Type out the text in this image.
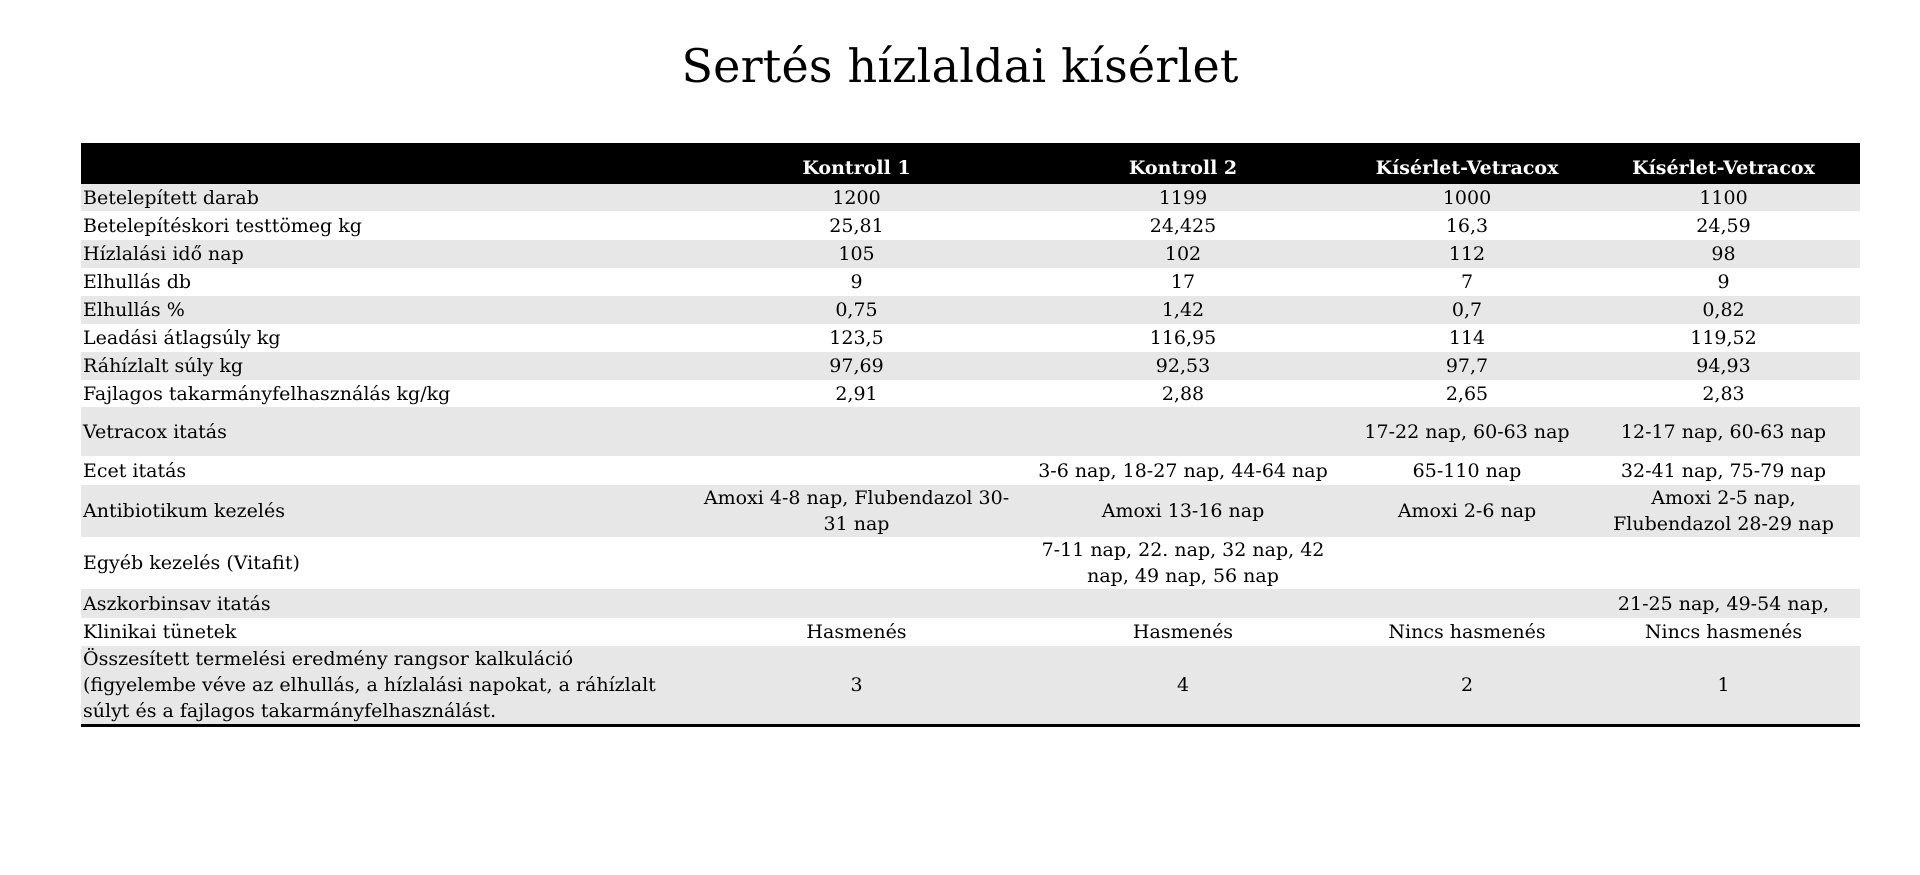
Sertés hízlaldai kísérlet
	Kontroll 1	Kontroll 2	Kísérlet-Vetracox	Kísérlet-Vetracox
Betelepített darab	1200	1199	1000	1100
Betelepítéskori testtömeg kg	25,81	24,425	16,3	24,59
Hízlalási idő nap	105	102	112	98
Elhullás db	9	17	7	9
Elhullás %	0,75	1,42	0,7	0,82
Leadási átlagsúly kg	123,5	116,95	114	119,52
Ráhízlalt súly kg	97,69	92,53	97,7	94,93
Fajlagos takarmányfelhasználás kg/kg	2,91	2,88	2,65	2,83
Vetracox itatás			17-22 nap, 60-63 nap	12-17 nap, 60-63 nap
Ecet itatás		3-6 nap, 18-27 nap, 44-64 nap	65-110 nap	32-41 nap, 75-79 nap
Antibiotikum kezelés	Amoxi 4-8 nap, Flubendazol 30-31 nap	Amoxi 13-16 nap	Amoxi 2-6 nap	Amoxi 2-5 nap, Flubendazol 28-29 nap
Egyéb kezelés (Vitafit)		7-11 nap, 22. nap, 32 nap, 42 nap, 49 nap, 56 nap		
Aszkorbinsav itatás				21-25 nap, 49-54 nap,
Klinikai tünetek	Hasmenés	Hasmenés	Nincs hasmenés	Nincs hasmenés
Összesített termelési eredmény rangsor kalkuláció (figyelembe véve az elhullás, a hízlalási napokat, a ráhízlalt súlyt és a fajlagos takarmányfelhasználást.	3	4	2	1
